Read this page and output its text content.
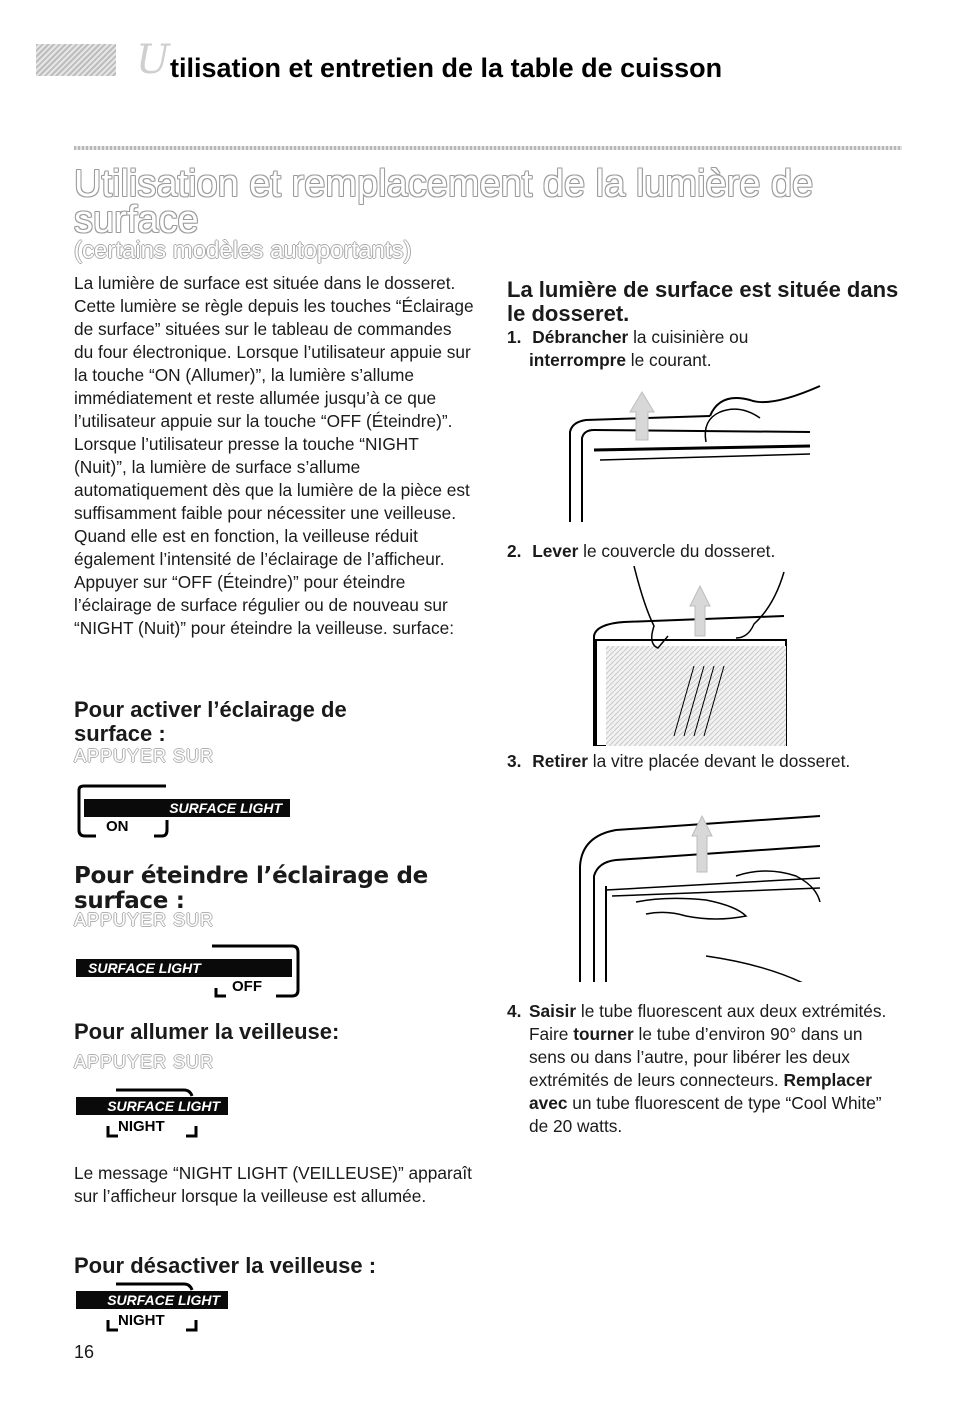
U tilisation et entretien de la table de cuisson
Utilisation et remplacement de la lumière de
surface
(certains modèles autoportants)

La lumière de surface est située dans le dosseret. Cette lumière se règle depuis les touches “Éclairage de surface” situées sur le tableau de commandes du four électronique. Lorsque l’utilisateur appuie sur la touche “ON (Allumer)”, la lumière s’allume immédiatement et reste allumée jusqu’à ce que l’utilisateur appuie sur la touche “OFF (Éteindre)”. Lorsque l’utilisateur presse la touche “NIGHT (Nuit)”, la lumière de surface s’allume automatiquement dès que la lumière de la pièce est suffisamment faible pour nécessiter une veilleuse. Quand elle est en fonction, la veilleuse réduit également l’intensité de l’éclairage de l’afficheur. Appuyer sur “OFF (Éteindre)” pour éteindre l’éclairage de surface régulier ou de nouveau sur “NIGHT (Nuit)” pour éteindre la veilleuse. surface:

Pour activer l’éclairage de surface :
APPUYER SUR
SURFACE LIGHT
ON
Pour éteindre l’éclairage de surface :
APPUYER SUR
SURFACE LIGHT
OFF
Pour allumer la veilleuse:
APPUYER SUR
SURFACE LIGHT
NIGHT

Le message “NIGHT LIGHT (VEILLEUSE)” apparaît sur l’afficheur lorsque la veilleuse est allumée.

Pour désactiver la veilleuse :
SURFACE LIGHT
NIGHT
16
La lumière de surface est située dans le dosseret.
1. Débrancher la cuisinière ou
interrompre le courant.
2. Lever le couvercle du dosseret.
3. Retirer la vitre placée devant le dosseret.
4. Saisir le tube fluorescent aux deux extrémités. Faire tourner le tube d’environ 90° dans un sens ou dans l’autre, pour libérer les deux extrémités de leurs connecteurs. Remplacer avec un tube fluorescent de type “Cool White” de 20 watts.
